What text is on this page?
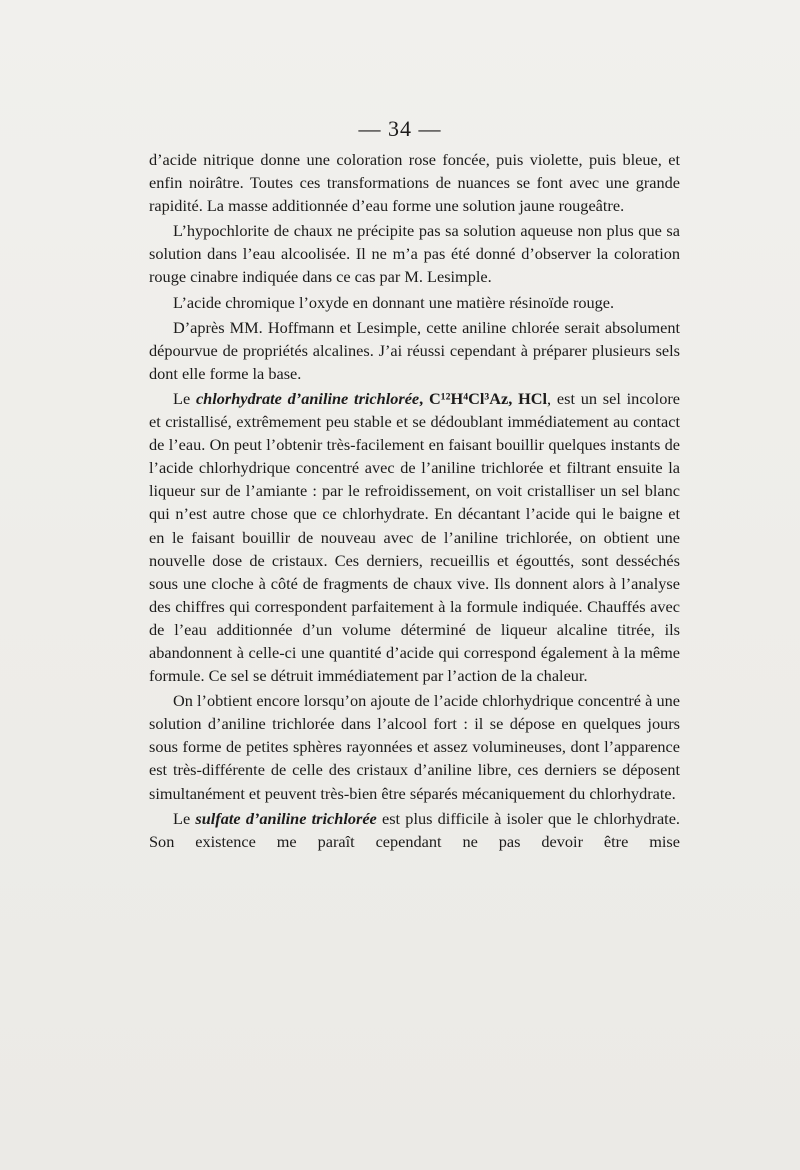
— 34 —

d’acide nitrique donne une coloration rose foncée, puis violette, puis bleue, et enfin noirâtre. Toutes ces transformations de nuances se font avec une grande rapidité. La masse additionnée d’eau forme une solution jaune rougeâtre.

L’hypochlorite de chaux ne précipite pas sa solution aqueuse non plus que sa solution dans l’eau alcoolisée. Il ne m’a pas été donné d’observer la coloration rouge cinabre indiquée dans ce cas par M. Lesimple.

L’acide chromique l’oxyde en donnant une matière résinoïde rouge.

D’après MM. Hoffmann et Lesimple, cette aniline chlorée serait absolument dépourvue de propriétés alcalines. J’ai réussi cependant à préparer plusieurs sels dont elle forme la base.

Le chlorhydrate d’aniline trichlorée, C¹²H⁴Cl³Az, HCl, est un sel incolore et cristallisé, extrêmement peu stable et se dédoublant immédiatement au contact de l’eau. On peut l’obtenir très-facilement en faisant bouillir quelques instants de l’acide chlorhydrique concentré avec de l’aniline trichlorée et filtrant ensuite la liqueur sur de l’amiante : par le refroidissement, on voit cristalliser un sel blanc qui n’est autre chose que ce chlorhydrate. En décantant l’acide qui le baigne et en le faisant bouillir de nouveau avec de l’aniline trichlorée, on obtient une nouvelle dose de cristaux. Ces derniers, recueillis et égouttés, sont desséchés sous une cloche à côté de fragments de chaux vive. Ils donnent alors à l’analyse des chiffres qui correspondent parfaitement à la formule indiquée. Chauffés avec de l’eau additionnée d’un volume déterminé de liqueur alcaline titrée, ils abandonnent à celle-ci une quantité d’acide qui correspond également à la même formule. Ce sel se détruit immédiatement par l’action de la chaleur.

On l’obtient encore lorsqu’on ajoute de l’acide chlorhydrique concentré à une solution d’aniline trichlorée dans l’alcool fort : il se dépose en quelques jours sous forme de petites sphères rayonnées et assez volumineuses, dont l’apparence est très-différente de celle des cristaux d’aniline libre, ces derniers se déposent simultanément et peuvent très-bien être séparés mécaniquement du chlorhydrate.

Le sulfate d’aniline trichlorée est plus difficile à isoler que le chlorhydrate. Son existence me paraît cependant ne pas devoir être mise
